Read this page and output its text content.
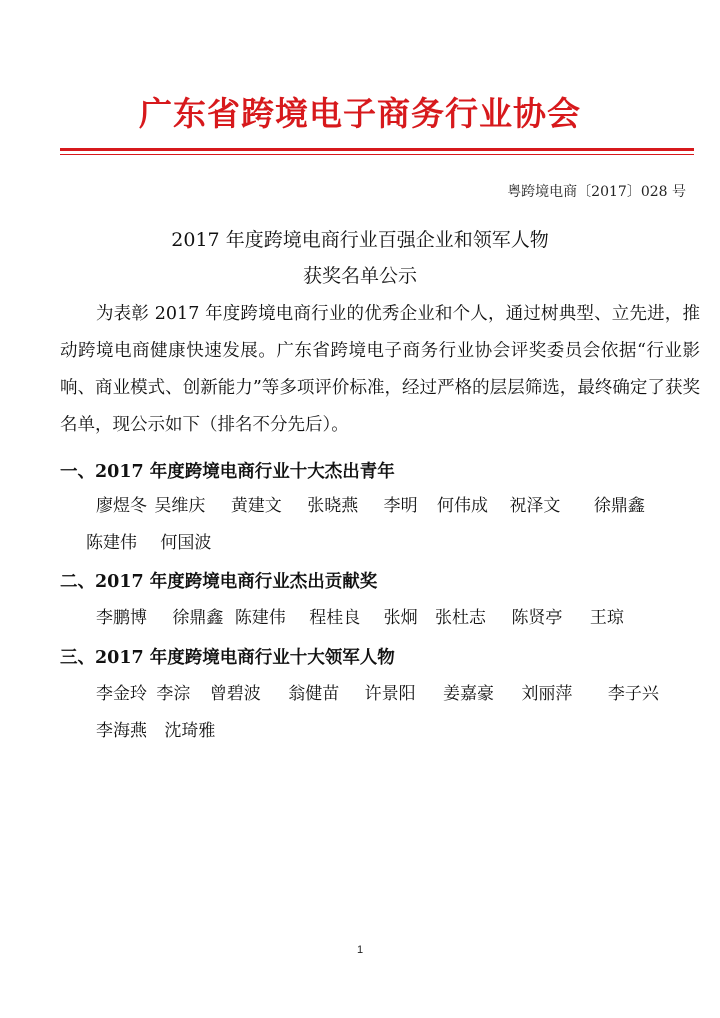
广东省跨境电子商务行业协会
粤跨境电商〔2017〕028 号
2017 年度跨境电商行业百强企业和领军人物
获奖名单公示

为表彰 2017 年度跨境电商行业的优秀企业和个人，通过树典型、立先进，推动跨境电商健康快速发展。广东省跨境电子商务行业协会评奖委员会依据“行业影响、商业模式、创新能力”等多项评价标准，经过严格的层层筛选，最终确定了获奖名单，现公示如下（排名不分先后）。

一、2017 年度跨境电商行业十大杰出青年
廖煜冬 吴维庆 黄建文 张晓燕 李明 何伟成 祝泽文 徐鼎鑫
陈建伟 何国波
二、2017 年度跨境电商行业杰出贡献奖
李鹏博 徐鼎鑫 陈建伟 程桂良 张炯 张杜志 陈贤亭 王琼
三、2017 年度跨境电商行业十大领军人物
李金玲 李淙 曾碧波 翁健苗 许景阳 姜嘉豪 刘丽萍 李子兴
李海燕 沈琦雅
1
